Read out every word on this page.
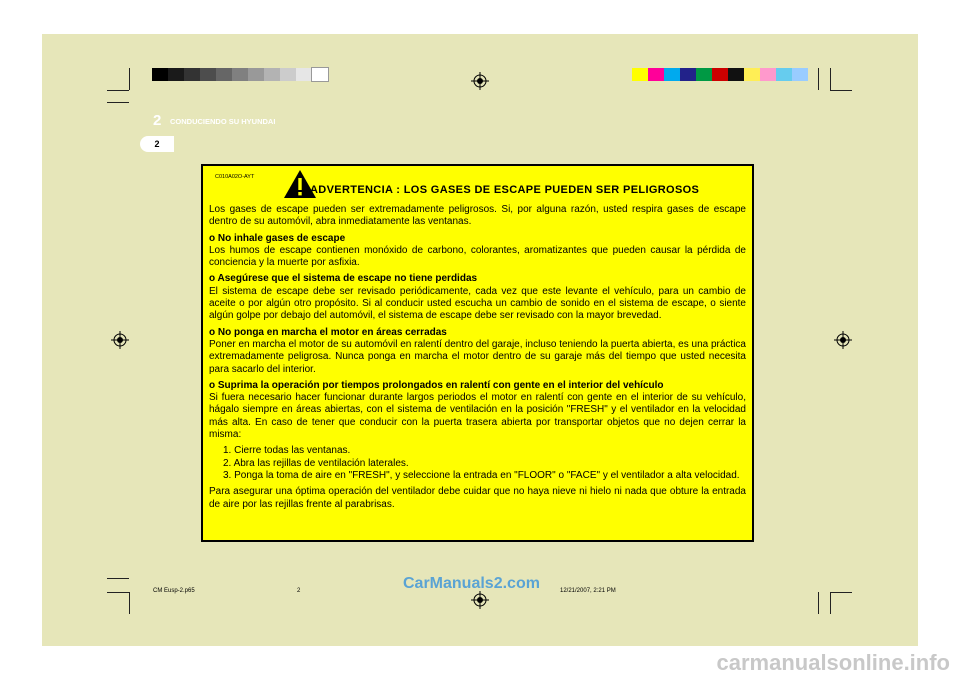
2 CONDUCIENDO SU HYUNDAI
2
C010A02O-AYT
ADVERTENCIA : LOS GASES DE ESCAPE PUEDEN SER PELIGROSOS

Los gases de escape pueden ser extremadamente peligrosos. Si, por alguna razón, usted respira gases de escape dentro de su automóvil, abra inmediatamente las ventanas.

o No inhale gases de escape
Los humos de escape contienen monóxido de carbono, colorantes, aromatizantes que pueden causar la pérdida de conciencia y la muerte por asfixia.

o Asegúrese que el sistema de escape no tiene perdidas
El sistema de escape debe ser revisado periódicamente, cada vez que este levante el vehículo, para un cambio de aceite o por algún otro propósito. Si al conducir usted escucha un cambio de sonido en el sistema de escape, o siente algún golpe por debajo del automóvil, el sistema de escape debe ser revisado con la mayor brevedad.

o No ponga en marcha el motor en áreas cerradas
Poner en marcha el motor de su automóvil en ralentí dentro del garaje, incluso teniendo la puerta abierta, es una práctica extremadamente peligrosa. Nunca ponga en marcha el motor dentro de su garaje más del tiempo que usted necesita para sacarlo del interior.

o Suprima la operación por tiempos prolongados en ralentí con gente en el interior del vehículo
Si fuera necesario hacer funcionar durante largos periodos el motor en ralentí con gente en el interior de su vehículo, hágalo siempre en áreas abiertas, con el sistema de ventilación en la posición "FRESH" y el ventilador en la velocidad más alta. En caso de tener que conducir con la puerta trasera abierta por transportar objetos que no dejen cerrar la misma:

1. Cierre todas las ventanas.
2. Abra las rejillas de ventilación laterales.
3. Ponga la toma de aire en "FRESH", y seleccione la entrada en "FLOOR" o "FACE" y el ventilador a alta velocidad.

Para asegurar una óptima operación del ventilador debe cuidar que no haya nieve ni hielo ni nada que obture la entrada de aire por las rejillas frente al parabrisas.

CM Eusp-2.p65	2	12/21/2007, 2:21 PM
CarManuals2.com
carmanualsonline.info
